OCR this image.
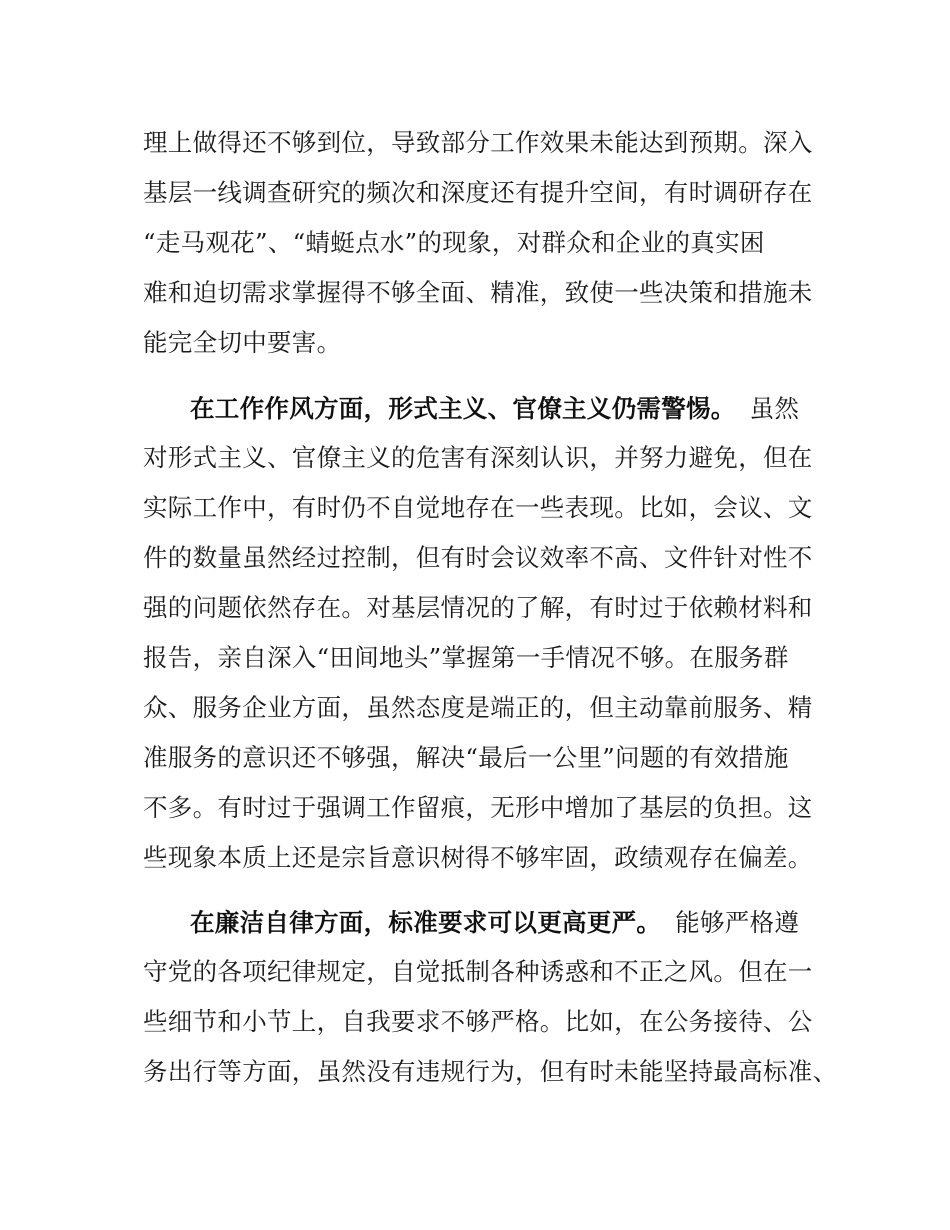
理上做得还不够到位，导致部分工作效果未能达到预期。深入
基层一线调查研究的频次和深度还有提升空间，有时调研存在
“走马观花”、“蜻蜓点水”的现象，对群众和企业的真实困
难和迫切需求掌握得不够全面、精准，致使一些决策和措施未
能完全切中要害。
在工作作风方面，形式主义、官僚主义仍需警惕。 虽然
对形式主义、官僚主义的危害有深刻认识，并努力避免，但在
实际工作中，有时仍不自觉地存在一些表现。比如，会议、文
件的数量虽然经过控制，但有时会议效率不高、文件针对性不
强的问题依然存在。对基层情况的了解，有时过于依赖材料和
报告，亲自深入“田间地头”掌握第一手情况不够。在服务群
众、服务企业方面，虽然态度是端正的，但主动靠前服务、精
准服务的意识还不够强，解决“最后一公里”问题的有效措施
不多。有时过于强调工作留痕，无形中增加了基层的负担。这
些现象本质上还是宗旨意识树得不够牢固，政绩观存在偏差。
在廉洁自律方面，标准要求可以更高更严。 能够严格遵
守党的各项纪律规定，自觉抵制各种诱惑和不正之风。但在一
些细节和小节上，自我要求不够严格。比如，在公务接待、公
务出行等方面，虽然没有违规行为，但有时未能坚持最高标准、
